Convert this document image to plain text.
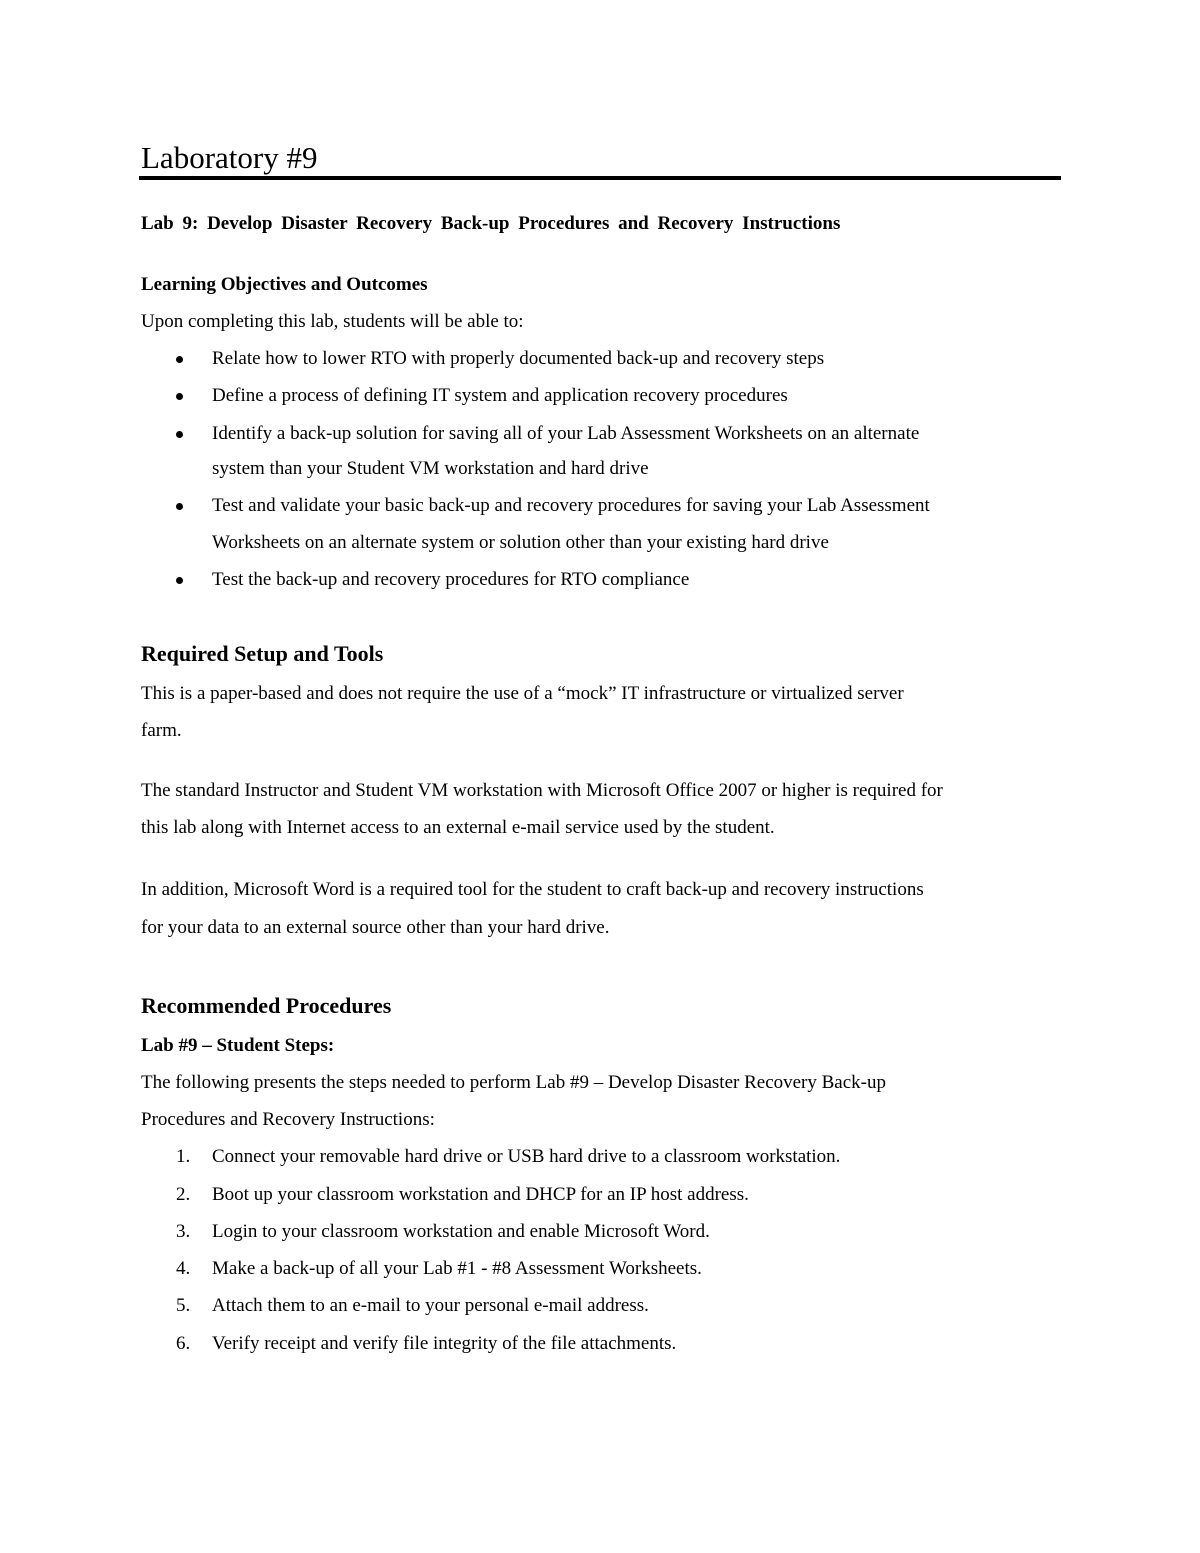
Laboratory #9
Lab 9: Develop Disaster Recovery Back-up Procedures and Recovery Instructions
Learning Objectives and Outcomes
Upon completing this lab, students will be able to:
Relate how to lower RTO with properly documented back-up and recovery steps
Define a process of defining IT system and application recovery procedures
Identify a back-up solution for saving all of your Lab Assessment Worksheets on an alternate
system than your Student VM workstation and hard drive
Test and validate your basic back-up and recovery procedures for saving your Lab Assessment
Worksheets on an alternate system or solution other than your existing hard drive
Test the back-up and recovery procedures for RTO compliance
Required Setup and Tools
This is a paper-based and does not require the use of a “mock” IT infrastructure or virtualized server
farm.
The standard Instructor and Student VM workstation with Microsoft Office 2007 or higher is required for
this lab along with Internet access to an external e-mail service used by the student.
In addition, Microsoft Word is a required tool for the student to craft back-up and recovery instructions
for your data to an external source other than your hard drive.
Recommended Procedures
Lab #9 – Student Steps:
The following presents the steps needed to perform Lab #9 – Develop Disaster Recovery Back-up
Procedures and Recovery Instructions:
1. Connect your removable hard drive or USB hard drive to a classroom workstation.
2. Boot up your classroom workstation and DHCP for an IP host address.
3. Login to your classroom workstation and enable Microsoft Word.
4. Make a back-up of all your Lab #1 - #8 Assessment Worksheets.
5. Attach them to an e-mail to your personal e-mail address.
6. Verify receipt and verify file integrity of the file attachments.
